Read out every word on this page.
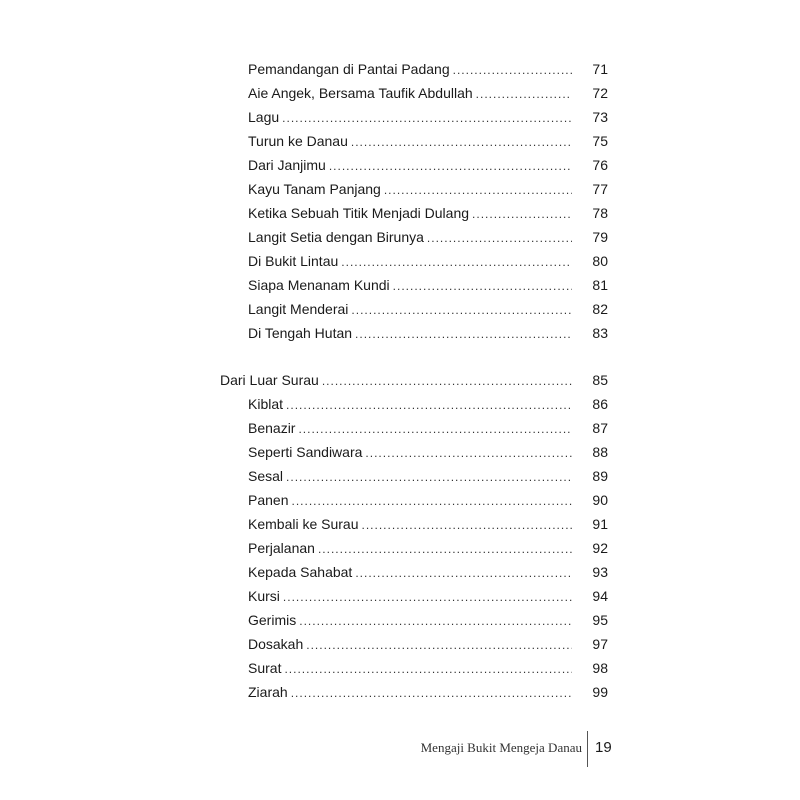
Pemandangan di Pantai Padang .....	71
Aie Angek, Bersama Taufik Abdullah .....	72
Lagu .....	73
Turun ke Danau .....	75
Dari Janjimu .....	76
Kayu Tanam Panjang .....	77
Ketika Sebuah Titik Menjadi Dulang .....	78
Langit Setia dengan Birunya .....	79
Di Bukit Lintau .....	80
Siapa Menanam Kundi .....	81
Langit Menderai .....	82
Di Tengah Hutan .....	83
Dari Luar Surau .....	85
Kiblat .....	86
Benazir .....	87
Seperti Sandiwara .....	88
Sesal .....	89
Panen .....	90
Kembali ke Surau .....	91
Perjalanan .....	92
Kepada Sahabat .....	93
Kursi .....	94
Gerimis .....	95
Dosakah .....	97
Surat .....	98
Ziarah .....	99
Mengaji Bukit Mengeja Danau 19
